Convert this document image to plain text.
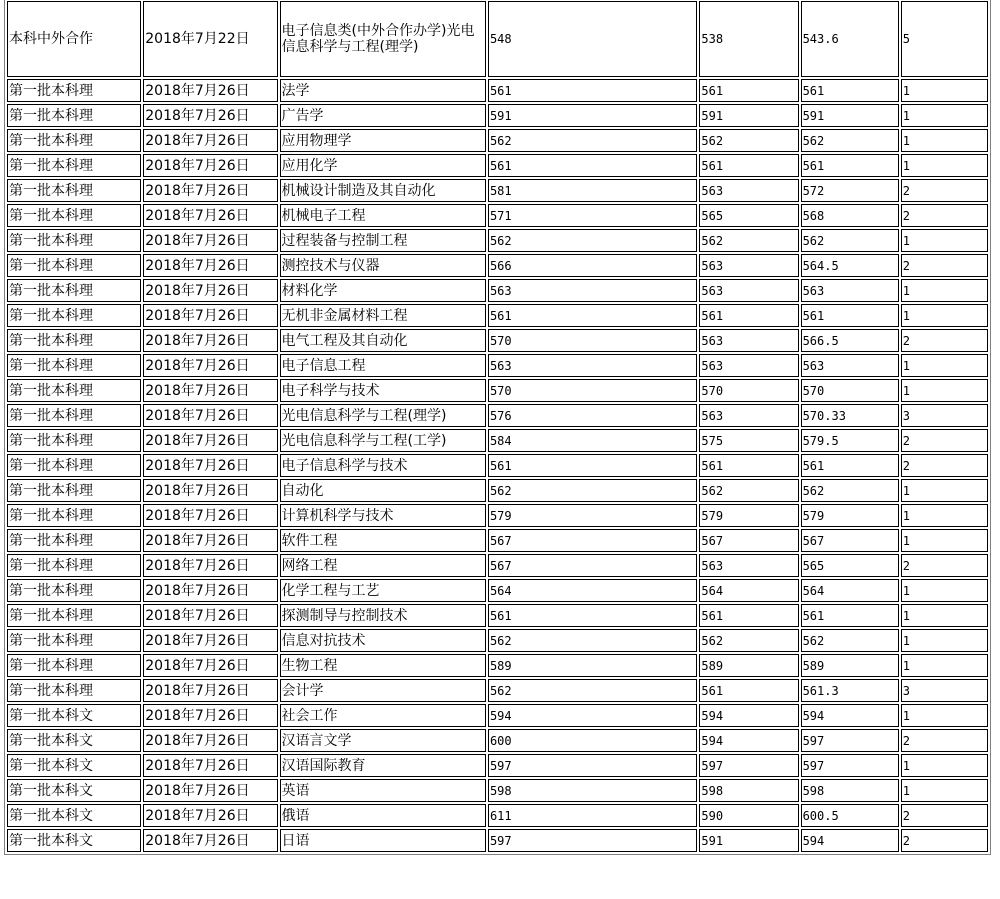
本科中外合作	2018年7月22日	电子信息类(中外合作办学)光电信息科学与工程(理学)	548	538	543.6	5
第一批本科理	2018年7月26日	法学	561	561	561	1
第一批本科理	2018年7月26日	广告学	591	591	591	1
第一批本科理	2018年7月26日	应用物理学	562	562	562	1
第一批本科理	2018年7月26日	应用化学	561	561	561	1
第一批本科理	2018年7月26日	机械设计制造及其自动化	581	563	572	2
第一批本科理	2018年7月26日	机械电子工程	571	565	568	2
第一批本科理	2018年7月26日	过程装备与控制工程	562	562	562	1
第一批本科理	2018年7月26日	测控技术与仪器	566	563	564.5	2
第一批本科理	2018年7月26日	材料化学	563	563	563	1
第一批本科理	2018年7月26日	无机非金属材料工程	561	561	561	1
第一批本科理	2018年7月26日	电气工程及其自动化	570	563	566.5	2
第一批本科理	2018年7月26日	电子信息工程	563	563	563	1
第一批本科理	2018年7月26日	电子科学与技术	570	570	570	1
第一批本科理	2018年7月26日	光电信息科学与工程(理学)	576	563	570.33	3
第一批本科理	2018年7月26日	光电信息科学与工程(工学)	584	575	579.5	2
第一批本科理	2018年7月26日	电子信息科学与技术	561	561	561	2
第一批本科理	2018年7月26日	自动化	562	562	562	1
第一批本科理	2018年7月26日	计算机科学与技术	579	579	579	1
第一批本科理	2018年7月26日	软件工程	567	567	567	1
第一批本科理	2018年7月26日	网络工程	567	563	565	2
第一批本科理	2018年7月26日	化学工程与工艺	564	564	564	1
第一批本科理	2018年7月26日	探测制导与控制技术	561	561	561	1
第一批本科理	2018年7月26日	信息对抗技术	562	562	562	1
第一批本科理	2018年7月26日	生物工程	589	589	589	1
第一批本科理	2018年7月26日	会计学	562	561	561.3	3
第一批本科文	2018年7月26日	社会工作	594	594	594	1
第一批本科文	2018年7月26日	汉语言文学	600	594	597	2
第一批本科文	2018年7月26日	汉语国际教育	597	597	597	1
第一批本科文	2018年7月26日	英语	598	598	598	1
第一批本科文	2018年7月26日	俄语	611	590	600.5	2
第一批本科文	2018年7月26日	日语	597	591	594	2
